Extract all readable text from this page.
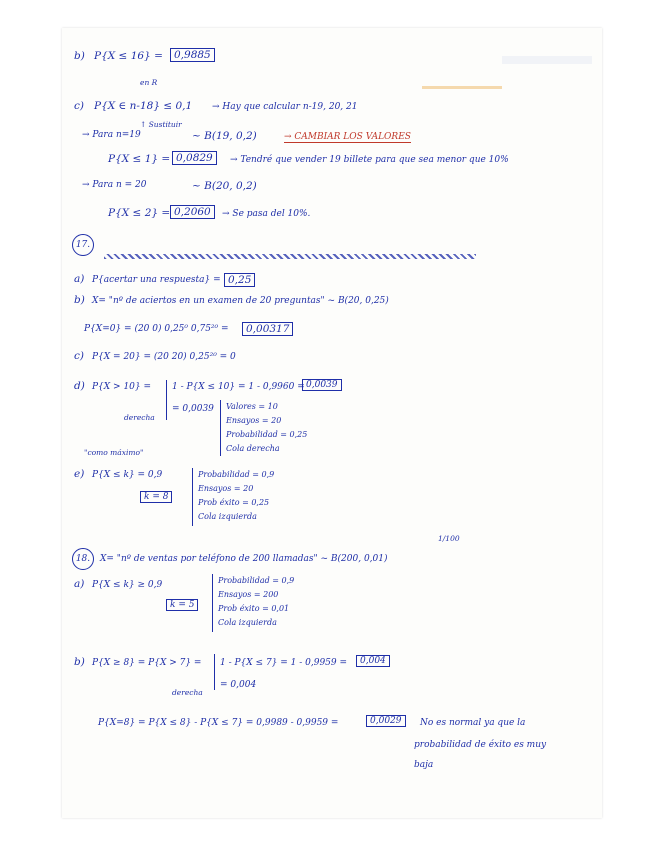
b) P{X ≤ 16} =	0,9885
en R
c) P{X ∈ n-18} ≤ 0,1 → Hay que calcular n-19, 20, 21
↑ Sustituir
→ Para n=19	~ B(19, 0,2)	→ CAMBIAR LOS VALORES
P{X ≤ 1} = 0,0829	→ Tendré que vender 19 billete para que sea menor que 10%
→ Para n = 20	~ B(20, 0,2)
P{X ≤ 2} = 0,2060	→ Se pasa del 10%.
17.
a) P{acertar una respuesta} = 0,25
b) X= "nº de aciertos en un examen de 20 preguntas" ~ B(20, 0,25)
P{X=0} = (20 0) 0,25⁰ 0,75²⁰ =	0,00317
c) P{X = 20} = (20 20) 0,25²⁰ = 0
d) P{X > 10} = 1 - P{X ≤ 10} = 1 - 0,9960 = 0,0039
= 0,0039
derecha
Valores = 10
Ensayos = 20
Probabilidad = 0,25
Cola derecha
"como máximo"
e) P{X ≤ k} = 0,9
k = 8
Probabilidad = 0,9
Ensayos = 20
Prob éxito = 0,25
Cola izquierda
1/100
18.	X= "nº de ventas por teléfono de 200 llamadas" ~ B(200, 0,01)
a) P{X ≤ k} ≥ 0,9
k = 5
Probabilidad = 0,9
Ensayos = 200
Prob éxito = 0,01
Cola izquierda
b) P{X ≥ 8} = P{X > 7} = 1 - P{X ≤ 7} = 1 - 0,9959 =	0,004
= 0,004
derecha
P{X=8} = P{X ≤ 8} - P{X ≤ 7} = 0,9989 - 0,9959 =	0,0029	No es normal ya que la
probabilidad de éxito es muy
baja
